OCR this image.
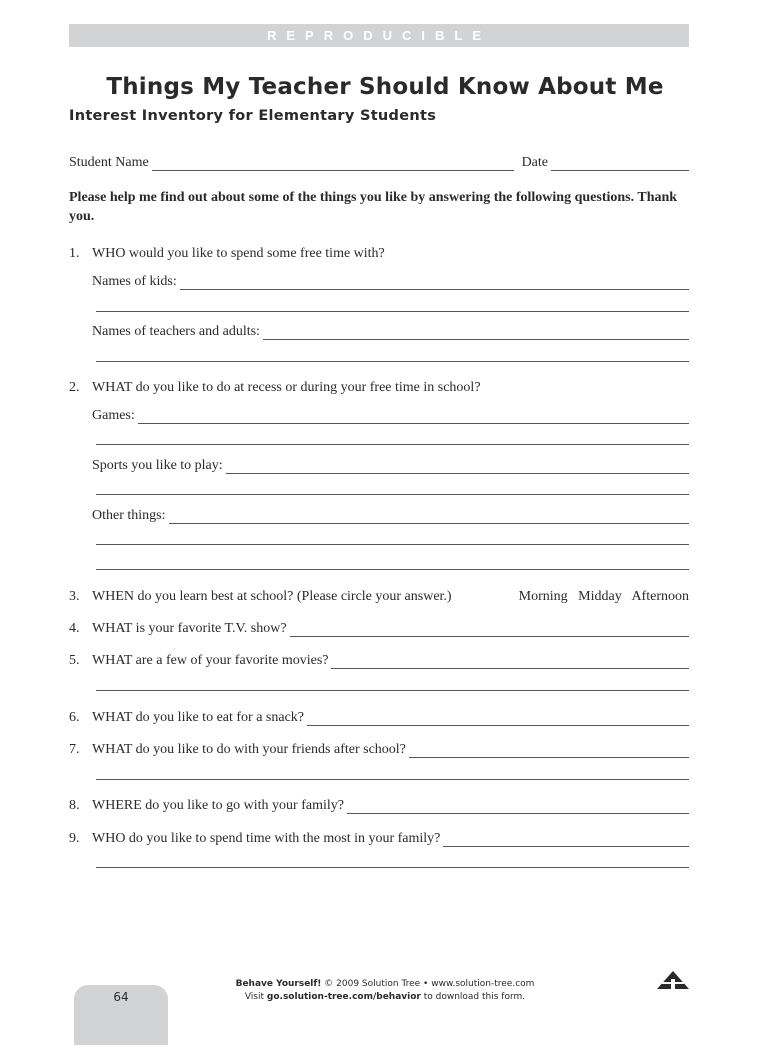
REPRODUCIBLE
Things My Teacher Should Know About Me
Interest Inventory for Elementary Students
Student Name	Date
Please help me find out about some of the things you like by answering the following questions. Thank you.
1. WHO would you like to spend some free time with?
Names of kids:
Names of teachers and adults:
2. WHAT do you like to do at recess or during your free time in school?
Games:
Sports you like to play:
Other things:
3. WHEN do you learn best at school? (Please circle your answer.)	Morning   Midday   Afternoon
4. WHAT is your favorite T.V. show?
5. WHAT are a few of your favorite movies?
6. WHAT do you like to eat for a snack?
7. WHAT do you like to do with your friends after school?
8. WHERE do you like to go with your family?
9. WHO do you like to spend time with the most in your family?
64
Behave Yourself! © 2009 Solution Tree • www.solution-tree.com
Visit go.solution-tree.com/behavior to download this form.
